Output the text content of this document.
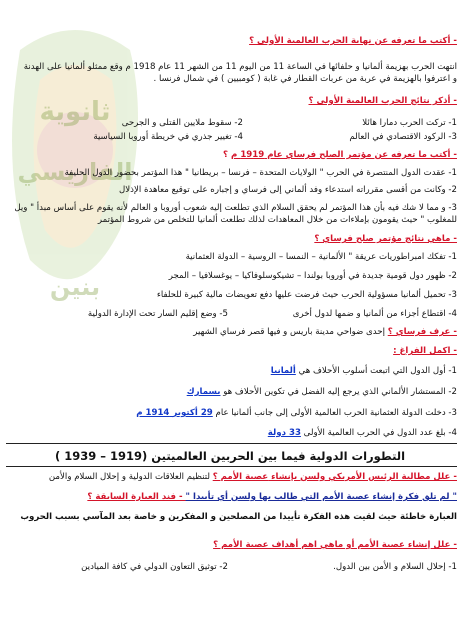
ثانوية
الفاريسي
بنين
- أكتب ما تعرفه عن نهاية الحرب العالمية الأولى ؟
انتهت الحرب بهزيمة ألمانيا و حلفائها في الساعة 11 من اليوم 11 من الشهر 11 عام 1918 م وقع ممثلو ألمانيا على الهدنة
و اعترفوا بالهزيمة في عربة من عربات القطار في غابة ( كومبيين ) في شمال فرنسا .
- أذكر نتائج الحرب العالمية الأولى ؟
1- تركت الحرب دمارا هائلا
2- سقوط ملايين القتلى و الجرحى
3- الركود الاقتصادي في العالم
4- تغيير جذري في خريطة أوروبا السياسية
- أكتب ما تعرفه عن مؤتمر الصلح فرساي عام 1919 م ؟
1- عقدت الدول المنتصرة في الحرب " الولايات المتحدة – فرنسا – بريطانيا " هذا المؤتمر بحضور الدول الحليفة
2- وكانت من أقسى مقرراته استدعاء وفد ألماني إلى فرساي و إجباره على توقيع معاهدة الإذلال
3- و مما لا شك فيه بأن هذا المؤتمر لم يحقق السلام الذي تطلعت إليه شعوب أوروبا و العالم لأنه يقوم على أساس مبدأ " ويل
للمغلوب " حيث يقومون بإملاءات من خلال المعاهدات لذلك تطلعت ألمانيا للتخلص من شروط المؤتمر
- ماهي نتائج مؤتمر صلح فرساي ؟
1- تفكك امبراطوريات عريقة " الألمانية – النمسا – الروسية – الدولة العثمانية
2- ظهور دول قومية جديدة في أوروبا بولندا – تشيكوسلوفاكيا – يوغسلافيا – المجر
3- تحميل ألمانيا مسؤولية الحرب حيث فرضت عليها دفع تعويضات مالية كبيرة للحلفاء
4- اقتطاع أجزاء من ألمانيا و ضمها لدول أخرى
5- وضع إقليم السار تحت الإدارة الدولية
- عرف فرساي ؟ إحدى ضواحي مدينة باريس و فيها قصر فرساي الشهير
- اكمل الفراغ :
1- أول الدول التي اتبعت أسلوب الأحلاف هي ألمانيا
2- المستشار الألماني الذي يرجع إليه الفضل في تكوين الأحلاف هو بسمارك
3- دخلت الدولة العثمانية الحرب العالمية الأولى إلى جانب ألمانيا عام 29 أكتوبر 1914 م
4- بلغ عدد الدول في الحرب العالمية الأولى 33 دولة
التطورات الدولية فيما بين الحربين العالميتين (1919 – 1939 )
- علل مطالبة الرئيس الأمريكي ولسن بإنشاء عصبة الأمم ؟ لتنظيم العلاقات الدولية و إحلال السلام والأمن
" لم تلق فكرة إنشاء عصبة الأمم التي طالب بها ولسن أي تأييدا " - فند العبارة السابقة ؟
العبارة خاطئة حيث لقيت هذه الفكرة تأييدا من المصلحين و المفكرين و خاصة بعد المآسي بسبب الحروب
- علل إنشاء عصبة الأمم أو ماهي اهم أهداف عصبة الأمم ؟
1- إحلال السلام و الأمن بين الدول.
2- توثيق التعاون الدولي في كافة الميادين
